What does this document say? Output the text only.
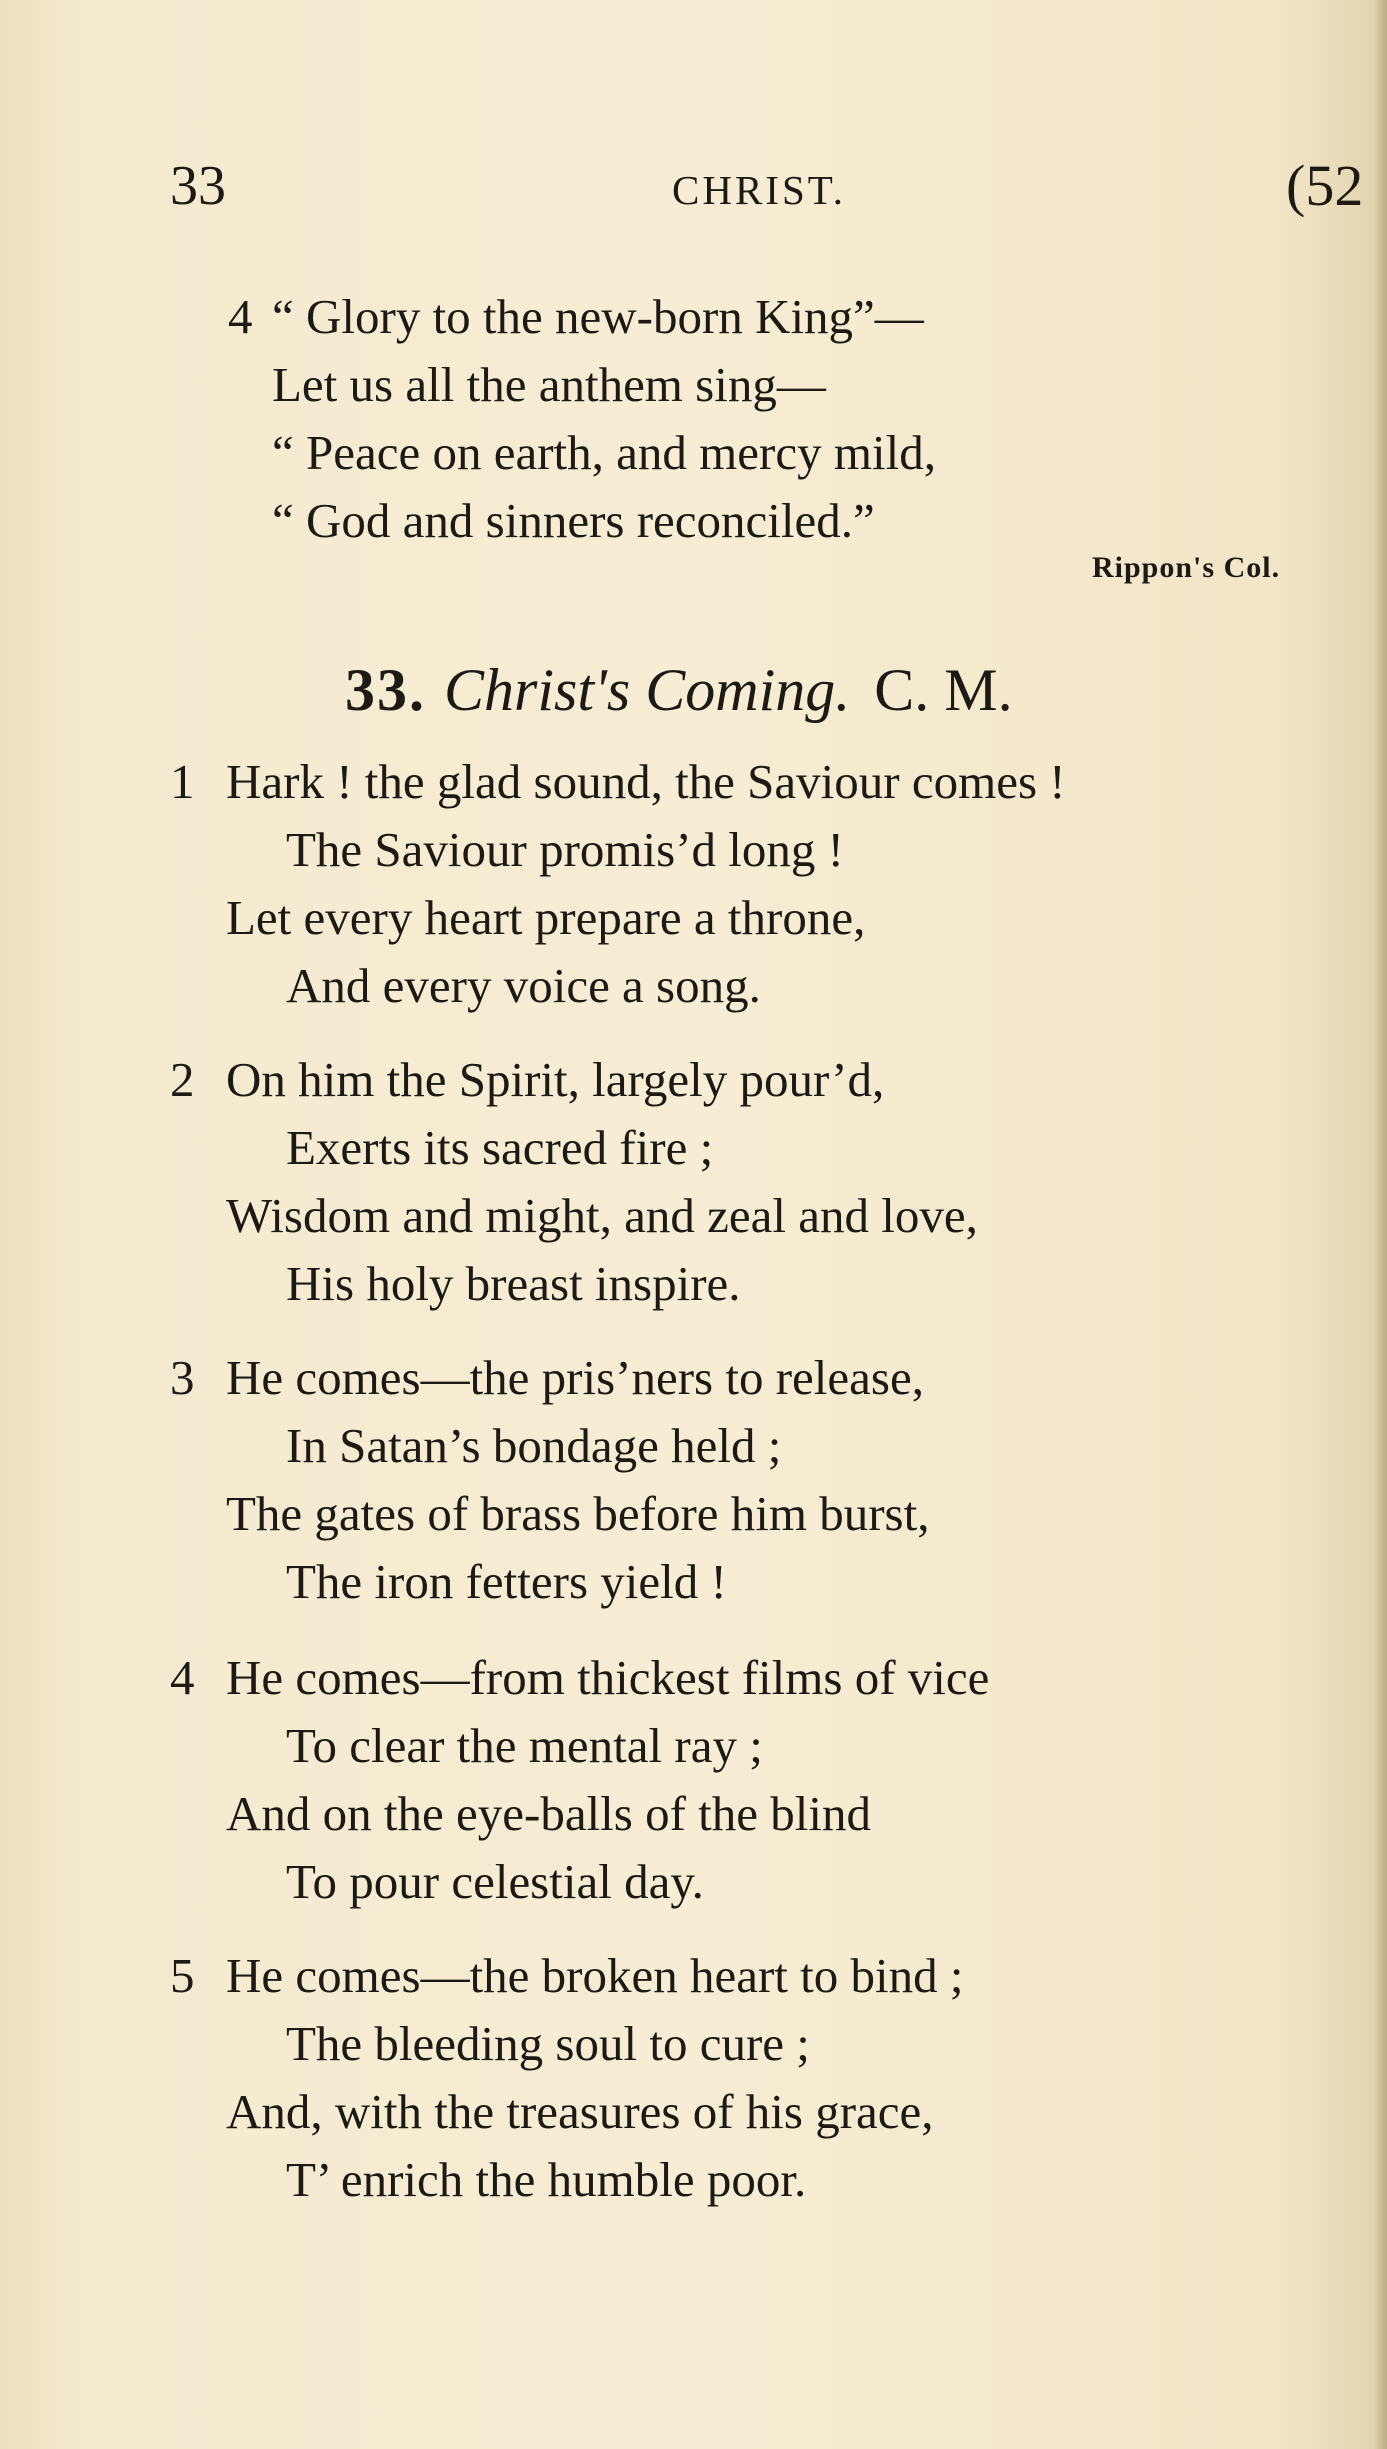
33	CHRIST.	(52
4 “ Glory to the new-born King”—
Let us all the anthem sing—
“ Peace on earth, and mercy mild,
“ God and sinners reconciled.”
Rippon's Col.
33. Christ's Coming. C. M.
1 Hark ! the glad sound, the Saviour comes !
The Saviour promis’d long !
Let every heart prepare a throne,
And every voice a song.
2 On him the Spirit, largely pour’d,
Exerts its sacred fire ;
Wisdom and might, and zeal and love,
His holy breast inspire.
3 He comes—the pris’ners to release,
In Satan’s bondage held ;
The gates of brass before him burst,
The iron fetters yield !
4 He comes—from thickest films of vice
To clear the mental ray ;
And on the eye-balls of the blind
To pour celestial day.
5 He comes—the broken heart to bind ;
The bleeding soul to cure ;
And, with the treasures of his grace,
T’ enrich the humble poor.
